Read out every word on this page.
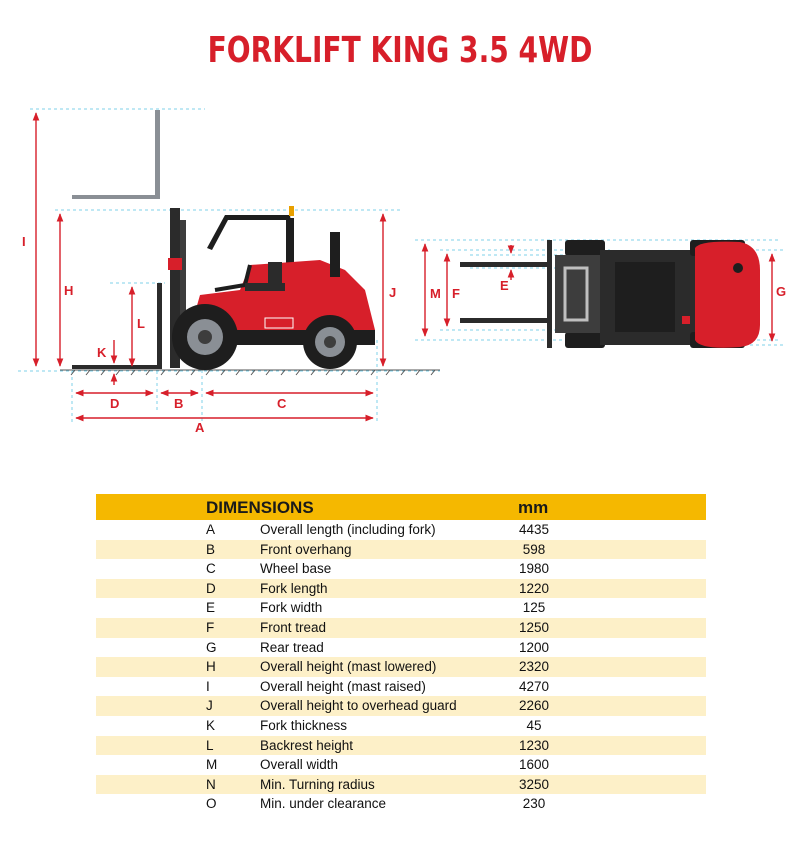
FORKLIFT KING 3.5 4WD
I
H
L
K
J
D	B	C
A
M F
E	G
DIMENSIONS	mm
A	Overall length (including fork)	4435
B	Front overhang	598
C	Wheel base	1980
D	Fork length	1220
E	Fork width	125
F	Front tread	1250
G	Rear tread	1200
H	Overall height (mast lowered)	2320
I	Overall height (mast raised)	4270
J	Overall height to overhead guard	2260
K	Fork thickness	45
L	Backrest height	1230
M	Overall width	1600
N	Min. Turning radius	3250
O	Min. under clearance	230
